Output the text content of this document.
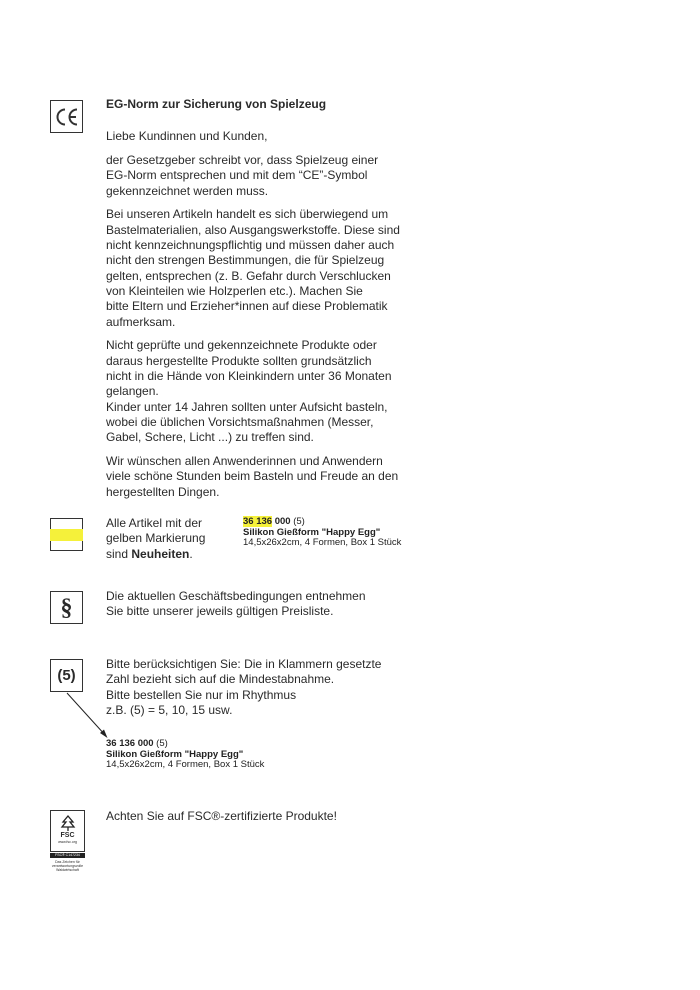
EG-Norm zur Sicherung von Spielzeug

Liebe Kundinnen und Kunden,

der Gesetzgeber schreibt vor, dass Spielzeug einer
EG-Norm entsprechen und mit dem “CE”-Symbol
gekennzeichnet werden muss.

Bei unseren Artikeln handelt es sich überwiegend um
Bastelmaterialien, also Ausgangswerkstoffe. Diese sind
nicht kennzeichnungspflichtig und müssen daher auch
nicht den strengen Bestimmungen, die für Spielzeug
gelten, entsprechen (z. B. Gefahr durch Verschlucken
von Kleinteilen wie Holzperlen etc.). Machen Sie
bitte Eltern und Erzieher*innen auf diese Problematik
aufmerksam.

Nicht geprüfte und gekennzeichnete Produkte oder
daraus hergestellte Produkte sollten grundsätzlich
nicht in die Hände von Kleinkindern unter 36 Monaten
gelangen.
Kinder unter 14 Jahren sollten unter Aufsicht basteln,
wobei die üblichen Vorsichtsmaßnahmen (Messer,
Gabel, Schere, Licht ...) zu treffen sind.

Wir wünschen allen Anwenderinnen und Anwendern
viele schöne Stunden beim Basteln und Freude an den
hergestellten Dingen.

Alle Artikel mit der
gelben Markierung
sind Neuheiten.
36 136 000 (5)
Silikon Gießform "Happy Egg"
14,5x26x2cm, 4 Formen, Box 1 Stück
§	Die aktuellen Geschäftsbedingungen entnehmen
Sie bitte unserer jeweils gültigen Preisliste.
(5)
Bitte berücksichtigen Sie: Die in Klammern gesetzte
Zahl bezieht sich auf die Mindestabnahme.
Bitte bestellen Sie nur im Rhythmus
z.B. (5) = 5, 10, 15 usw.
36 136 000 (5)
Silikon Gießform "Happy Egg"
14,5x26x2cm, 4 Formen, Box 1 Stück
FSC
www.fsc.org
FSC® C147234
Das Zeichen für
verantwortungsvolle
Waldwirtschaft
Achten Sie auf FSC®-zertifizierte Produkte!
